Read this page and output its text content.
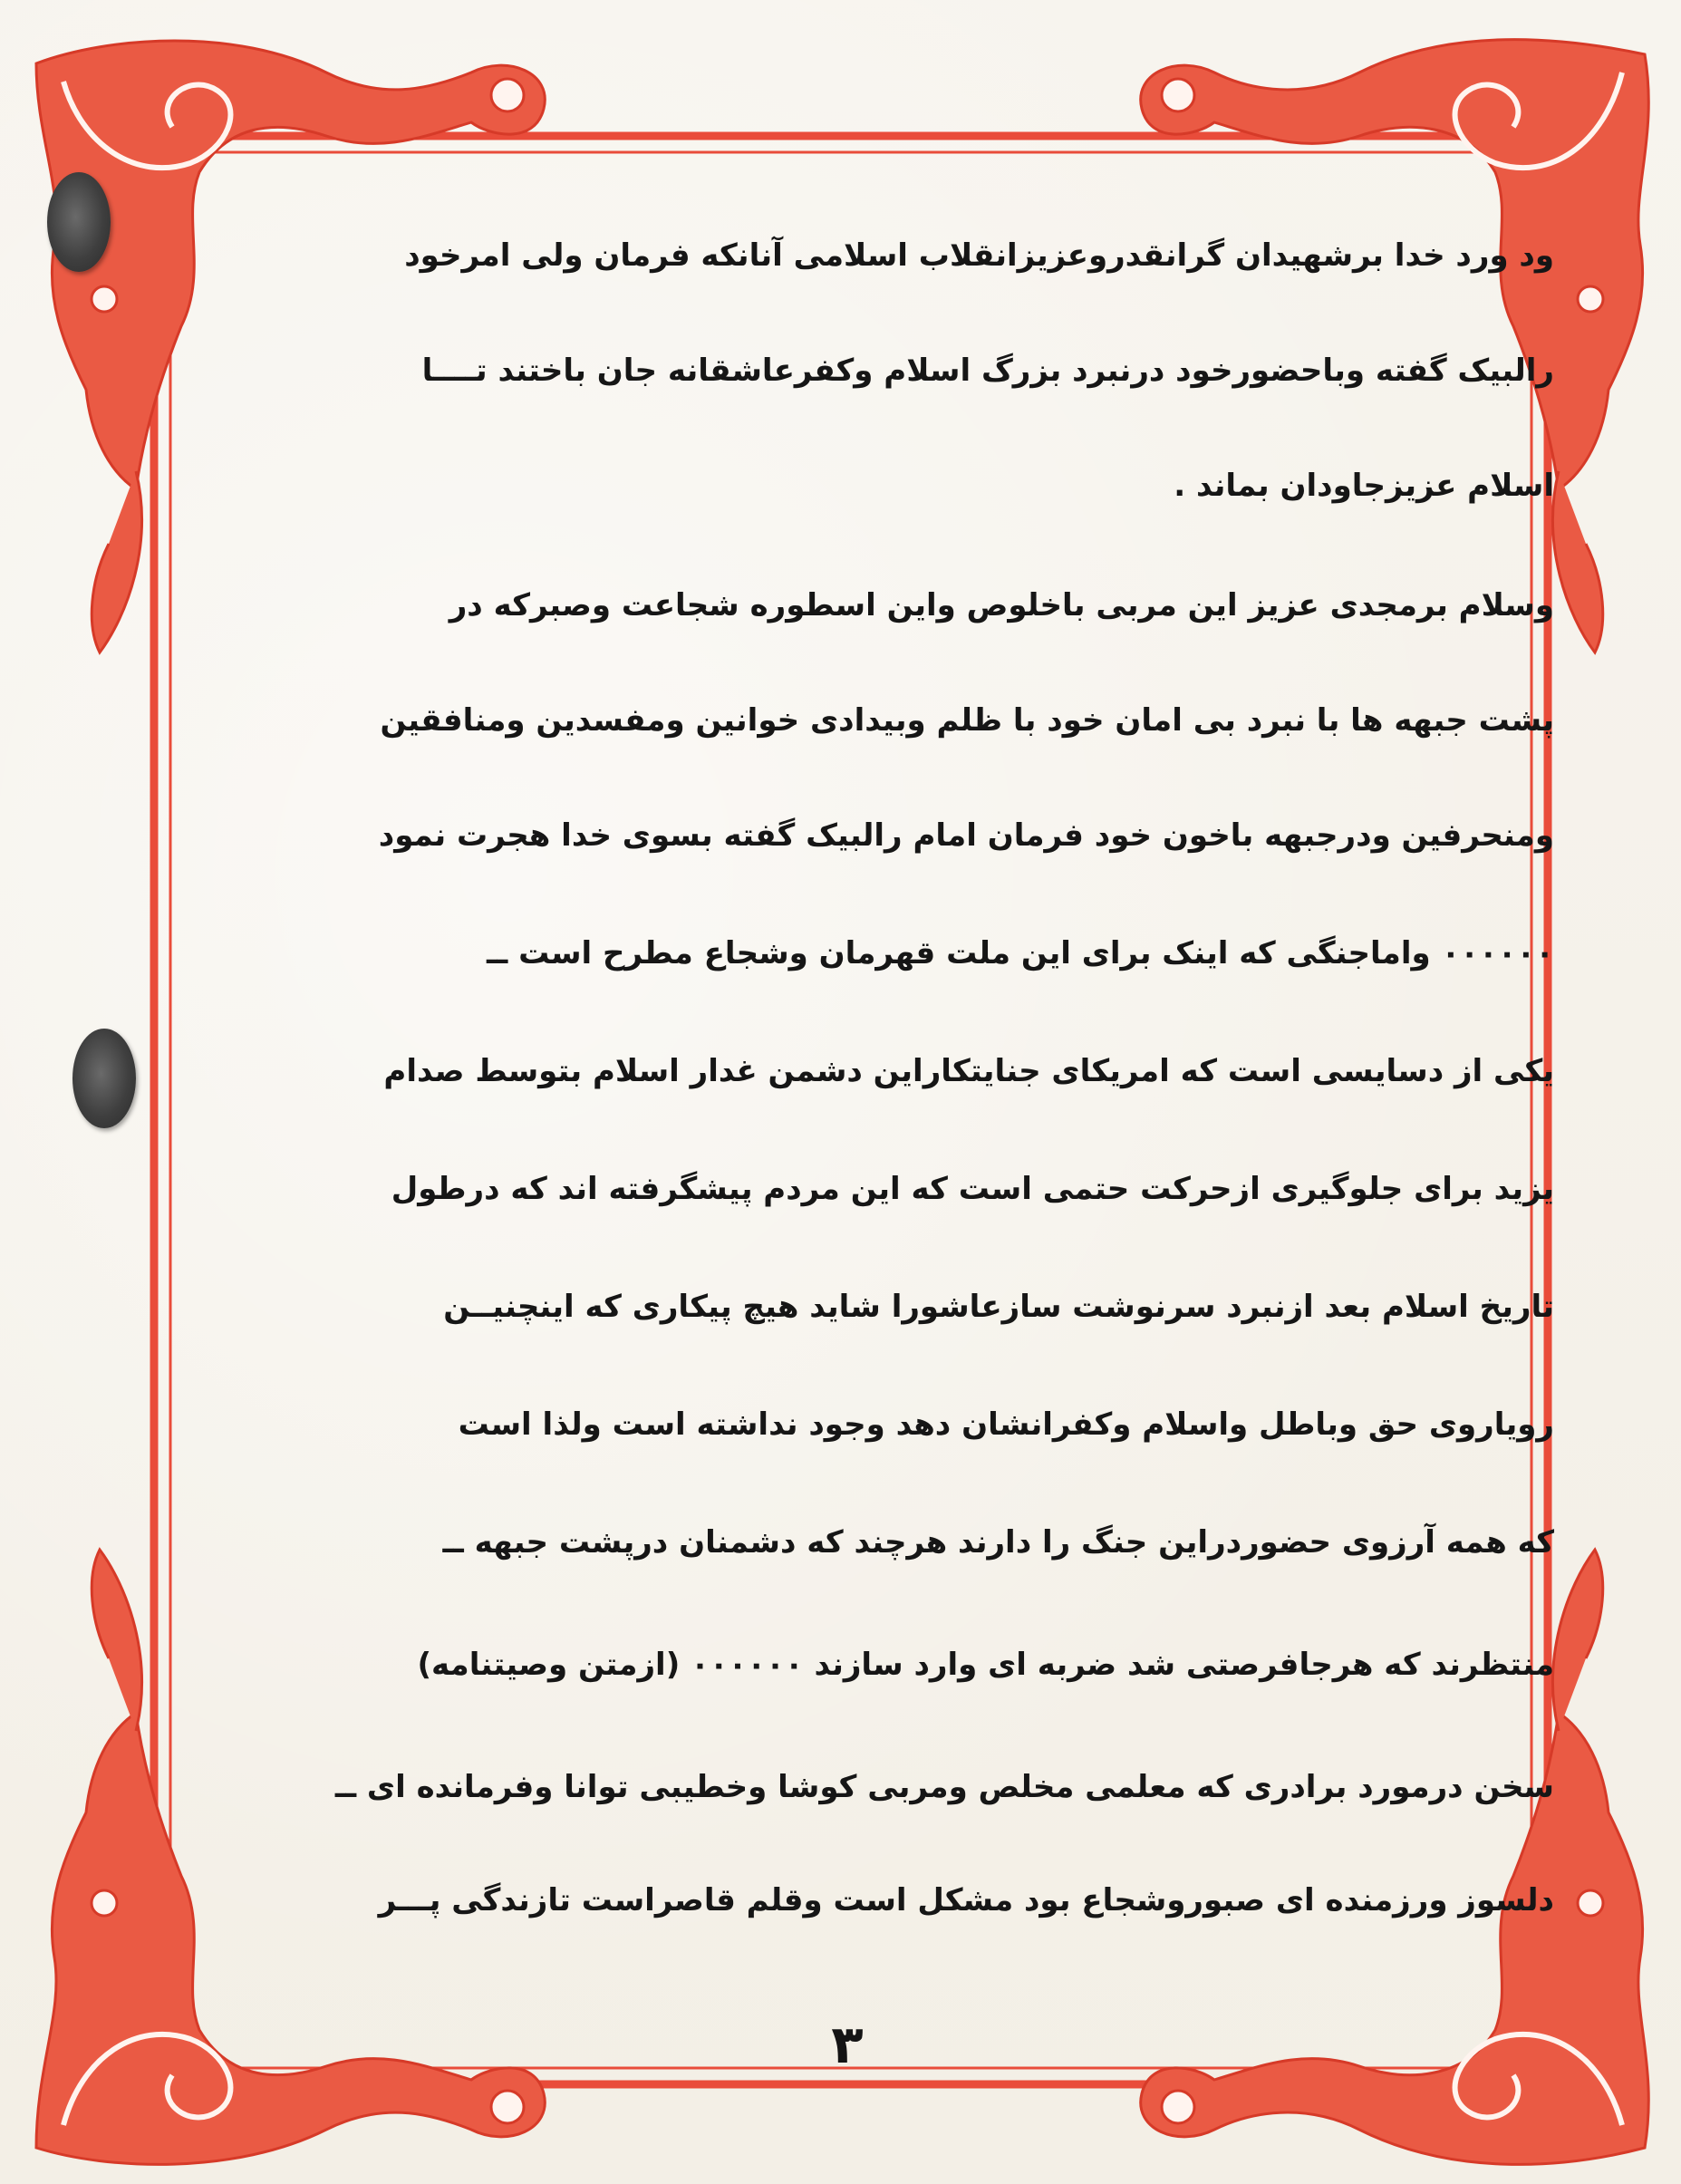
ود ورد خدا برشهیدان گرانقدروعزیزانقلاب اسلامی آنانکه فرمان ولی امرخود
رالبیک گفته وباحضورخود درنبرد بزرگ اسلام وکفرعاشقانه جان باختند تــــا
اسلام عزیزجاودان بماند .
وسلام برمجدی عزیز این مربی باخلوص واین اسطوره شجاعت وصبرکه در
پشت جبهه ها با نبرد بی امان خود با ظلم وبیدادی خوانین ومفسدین ومنافقین
ومنحرفین ودرجبهه باخون خود فرمان امام رالبیک گفته بسوی خدا هجرت نمود
۰۰۰۰۰۰ واماجنگی که اینک برای این ملت قهرمان وشجاع مطرح است ــ
یکی از دسایسی است که امریکای جنایتکاراین دشمن غدار اسلام بتوسط صدام
یزید برای جلوگیری ازحرکت حتمی است که این مردم پیشگرفته اند که درطول
تاریخ اسلام بعد ازنبرد سرنوشت سازعاشورا شاید هیچ پیکاری که اینچنیــن
رویاروی حق وباطل واسلام وکفرانشان دهد وجود نداشته است ولذا است
که همه آرزوی حضوردراین جنگ را دارند هرچند که دشمنان درپشت جبهه ــ
منتظرند که هرجافرصتی شد ضربه ای وارد سازند ۰۰۰۰۰۰ (ازمتن وصیتنامه)
سخن درمورد برادری که معلمی مخلص ومربی کوشا وخطیبی توانا وفرمانده ای ــ
دلسوز ورزمنده ای صبوروشجاع بود مشکل است وقلم قاصراست تازندگی پـــر
۳
